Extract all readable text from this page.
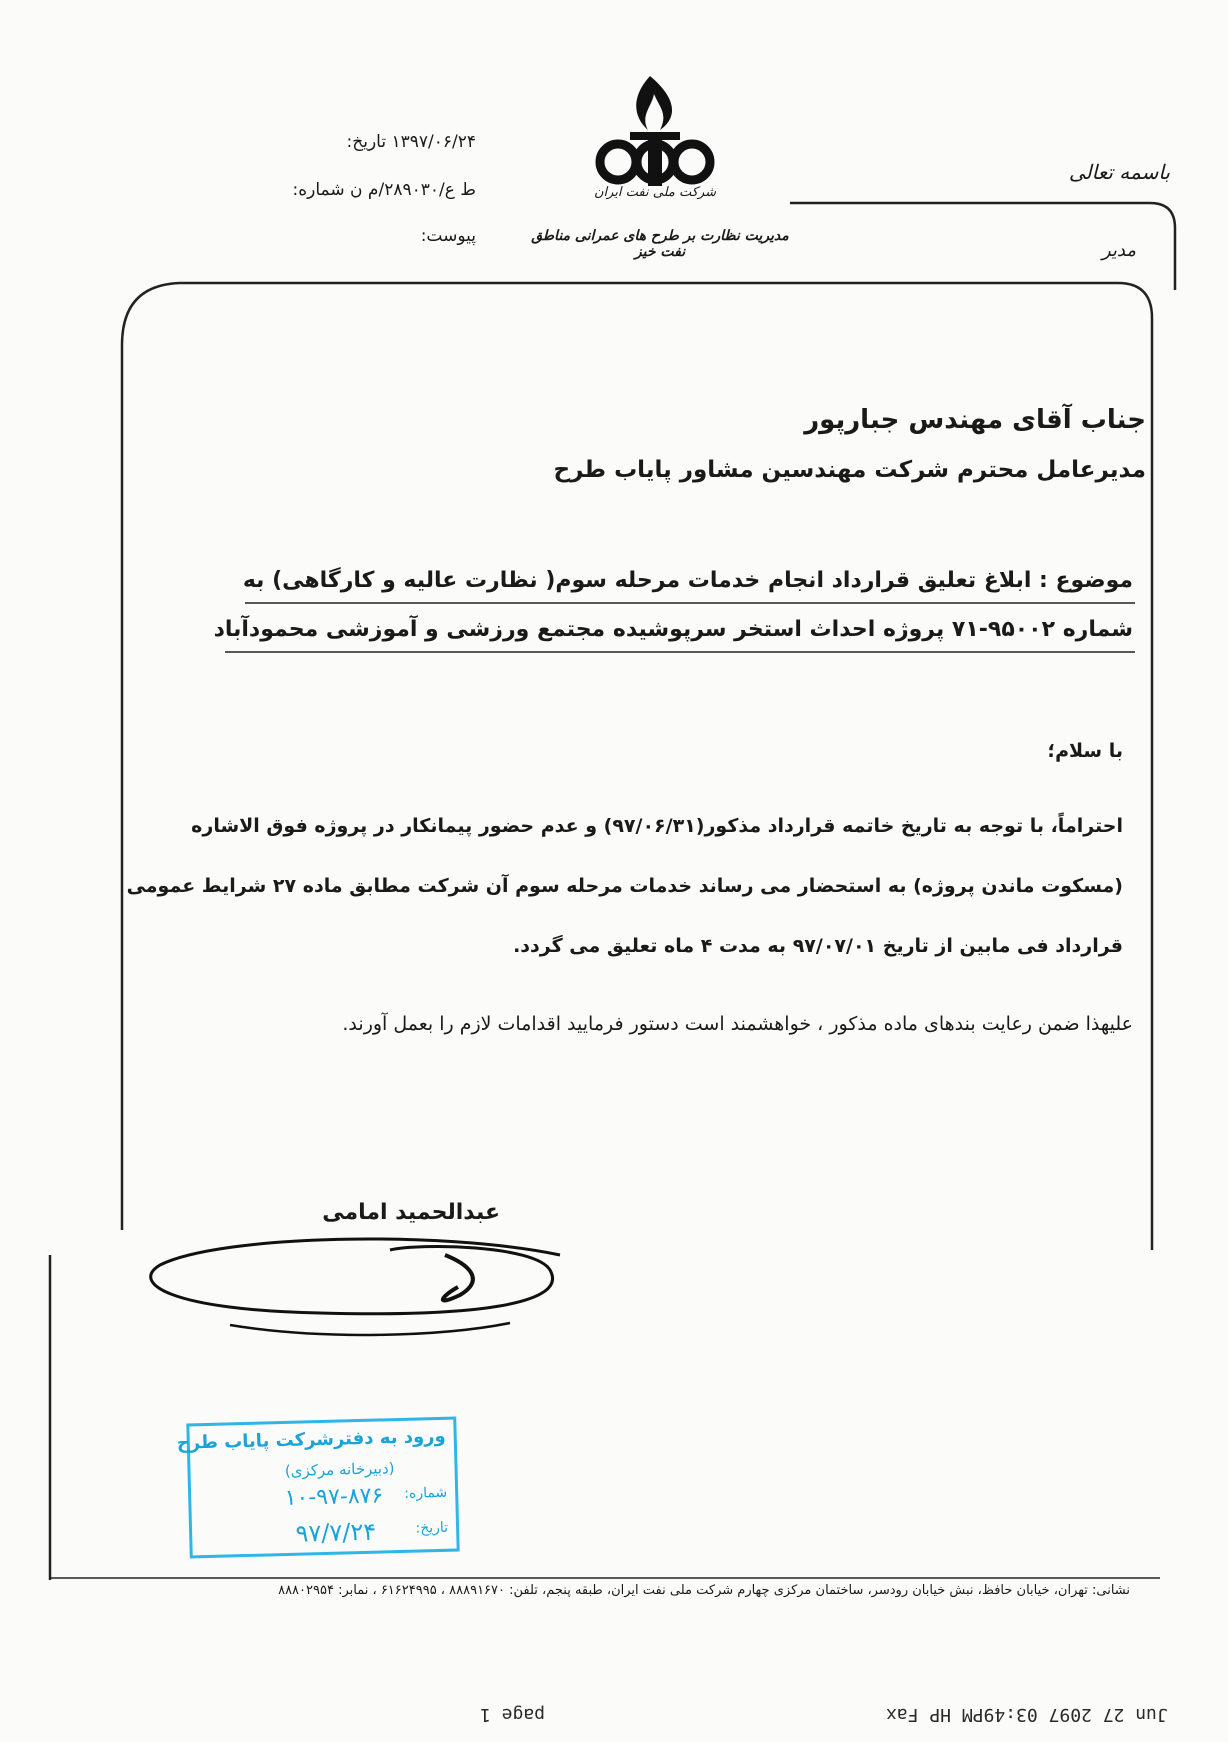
باسمه تعالی
مدیر
تاریخ: ۱۳۹۷/۰۶/۲۴
شماره: ط ع/۲۸۹۰۳۰/م ن
پیوست:
شرکت ملی نفت ایران
مدیریت نظارت بر طرح های عمرانی مناطق نفت خیز
جناب آقای مهندس جبارپور
مدیرعامل محترم شرکت مهندسین مشاور پایاب طرح
موضوع : ابلاغ تعلیق قرارداد انجام خدمات مرحله سوم( نظارت عالیه و کارگاهی) به
شماره ۹۵۰۰۲-۷۱ پروژه احداث استخر سرپوشیده مجتمع ورزشی و آموزشی محمودآباد
با سلام؛
احتراماً، با توجه به تاریخ خاتمه قرارداد مذکور(۹۷/۰۶/۳۱) و عدم حضور پیمانکار در پروژه فوق الاشاره
(مسکوت ماندن پروژه) به استحضار می رساند خدمات مرحله سوم آن شرکت مطابق ماده ۲۷ شرایط عمومی
قرارداد فی مابین از تاریخ ۹۷/۰۷/۰۱ به مدت ۴ ماه تعلیق می گردد.
علیهذا ضمن رعایت بندهای ماده مذکور ، خواهشمند است دستور فرمایید اقدامات لازم را بعمل آورند.
عبدالحمید امامی
ورود به دفترشرکت پایاب طرح
(دبیرخانه مرکزی)
شماره:
۱۰-۹۷-۸۷۶
تاریخ:
۹۷/۷/۲۴
نشانی: تهران، خیابان حافظ، نبش خیابان رودسر، ساختمان مرکزی چهارم شرکت ملی نفت ایران، طبقه پنجم، تلفن: ۸۸۸۹۱۶۷۰ ، ۶۱۶۲۴۹۹۵ ، نمابر: ۸۸۸۰۲۹۵۴
Jun 27 2097 03:49PM HP Fax
page 1
